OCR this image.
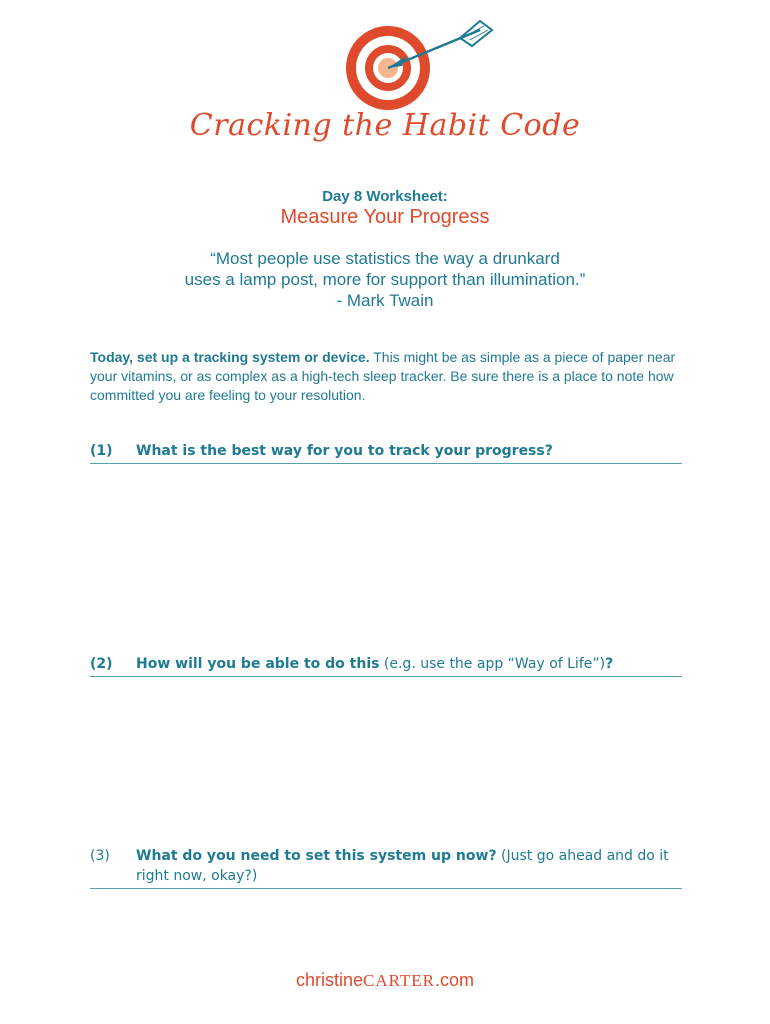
Cracking the Habit Code
Day 8 Worksheet:
Measure Your Progress
“Most people use statistics the way a drunkard
uses a lamp post, more for support than illumination.”
- Mark Twain
Today, set up a tracking system or device. This might be as simple as a piece of paper near your vitamins, or as complex as a high-tech sleep tracker. Be sure there is a place to note how committed you are feeling to your resolution.
(1) What is the best way for you to track your progress?
(2) How will you be able to do this (e.g. use the app “Way of Life”)?
(3) What do you need to set this system up now? (Just go ahead and do it right now, okay?)
christineCARTER.com
